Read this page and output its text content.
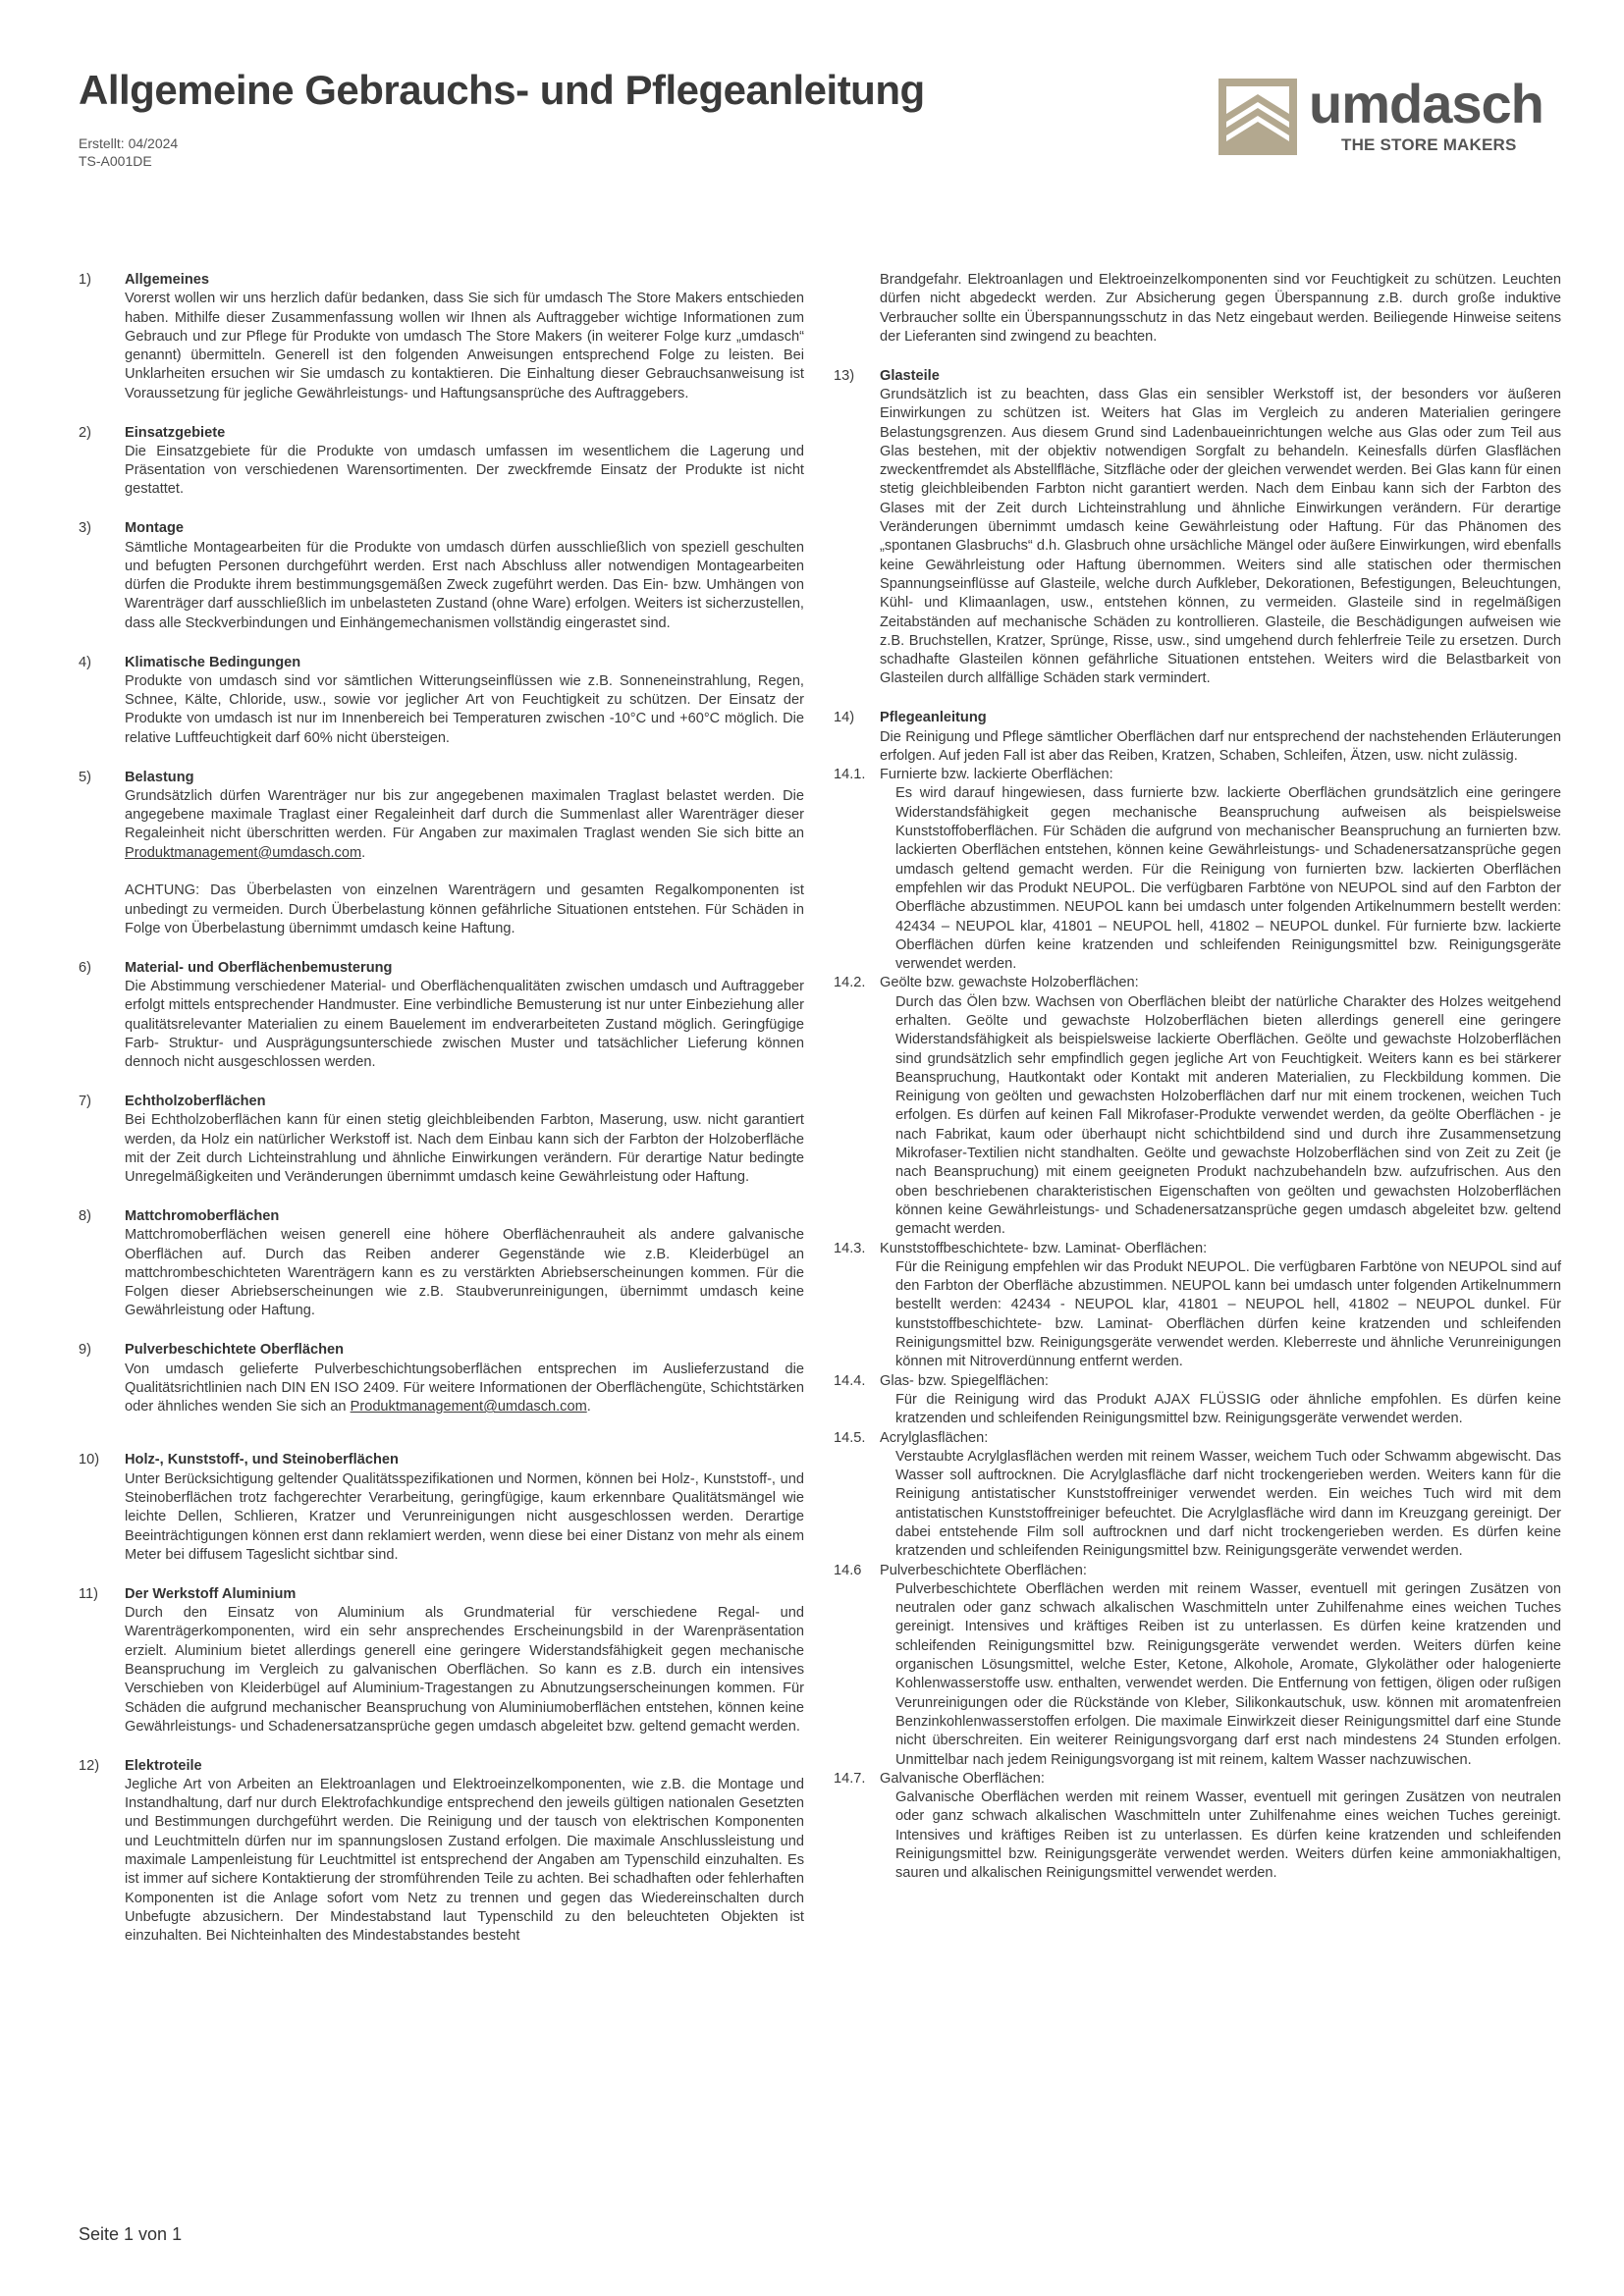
Allgemeine Gebrauchs- und Pflegeanleitung
Erstellt: 04/2024
TS-A001DE
umdasch
THE STORE MAKERS
1) Allgemeines

Vorerst wollen wir uns herzlich dafür bedanken, dass Sie sich für umdasch The Store Makers entschieden haben. Mithilfe dieser Zusammenfassung wollen wir Ihnen als Auftraggeber wichtige Informationen zum Gebrauch und zur Pflege für Produkte von umdasch The Store Makers (in weiterer Folge kurz „umdasch“ genannt) übermitteln. Generell ist den folgenden Anweisungen entsprechend Folge zu leisten. Bei Unklarheiten ersuchen wir Sie umdasch zu kontaktieren. Die Einhaltung dieser Gebrauchsanweisung ist Voraussetzung für jegliche Gewährleistungs- und Haftungsansprüche des Auftraggebers.

2) Einsatzgebiete

Die Einsatzgebiete für die Produkte von umdasch umfassen im wesentlichem die Lagerung und Präsentation von verschiedenen Warensortimenten. Der zweckfremde Einsatz der Produkte ist nicht gestattet.

3) Montage

Sämtliche Montagearbeiten für die Produkte von umdasch dürfen ausschließlich von speziell geschulten und befugten Personen durchgeführt werden. Erst nach Abschluss aller notwendigen Montagearbeiten dürfen die Produkte ihrem bestimmungsgemäßen Zweck zugeführt werden. Das Ein- bzw. Umhängen von Warenträger darf ausschließlich im unbelasteten Zustand (ohne Ware) erfolgen. Weiters ist sicherzustellen, dass alle Steckverbindungen und Einhängemechanismen vollständig eingerastet sind.

4) Klimatische Bedingungen

Produkte von umdasch sind vor sämtlichen Witterungseinflüssen wie z.B. Sonneneinstrahlung, Regen, Schnee, Kälte, Chloride, usw., sowie vor jeglicher Art von Feuchtigkeit zu schützen. Der Einsatz der Produkte von umdasch ist nur im Innenbereich bei Temperaturen zwischen -10°C und +60°C möglich. Die relative Luftfeuchtigkeit darf 60% nicht übersteigen.

5) Belastung

Grundsätzlich dürfen Warenträger nur bis zur angegebenen maximalen Traglast belastet werden. Die angegebene maximale Traglast einer Regaleinheit darf durch die Summenlast aller Warenträger dieser Regaleinheit nicht überschritten werden. Für Angaben zur maximalen Traglast wenden Sie sich bitte an Produktmanagement@umdasch.com.

ACHTUNG: Das Überbelasten von einzelnen Warenträgern und gesamten Regalkomponenten ist unbedingt zu vermeiden. Durch Überbelastung können gefährliche Situationen entstehen. Für Schäden in Folge von Überbelastung übernimmt umdasch keine Haftung.

6) Material- und Oberflächenbemusterung

Die Abstimmung verschiedener Material- und Oberflächenqualitäten zwischen umdasch und Auftraggeber erfolgt mittels entsprechender Handmuster. Eine verbindliche Bemusterung ist nur unter Einbeziehung aller qualitätsrelevanter Materialien zu einem Bauelement im endverarbeiteten Zustand möglich. Geringfügige Farb- Struktur- und Ausprägungsunterschiede zwischen Muster und tatsächlicher Lieferung können dennoch nicht ausgeschlossen werden.

7) Echtholzoberflächen

Bei Echtholzoberflächen kann für einen stetig gleichbleibenden Farbton, Maserung, usw. nicht garantiert werden, da Holz ein natürlicher Werkstoff ist. Nach dem Einbau kann sich der Farbton der Holzoberfläche mit der Zeit durch Lichteinstrahlung und ähnliche Einwirkungen verändern. Für derartige Natur bedingte Unregelmäßigkeiten und Veränderungen übernimmt umdasch keine Gewährleistung oder Haftung.

8) Mattchromoberflächen

Mattchromoberflächen weisen generell eine höhere Oberflächenrauheit als andere galvanische Oberflächen auf. Durch das Reiben anderer Gegenstände wie z.B. Kleiderbügel an mattchrombeschichteten Warenträgern kann es zu verstärkten Abriebserscheinungen kommen. Für die Folgen dieser Abriebserscheinungen wie z.B. Staubverunreinigungen, übernimmt umdasch keine Gewährleistung oder Haftung.

9) Pulverbeschichtete Oberflächen

Von umdasch gelieferte Pulverbeschichtungsoberflächen entsprechen im Auslieferzustand die Qualitätsrichtlinien nach DIN EN ISO 2409. Für weitere Informationen der Oberflächengüte, Schichtstärken oder ähnliches wenden Sie sich an Produktmanagement@umdasch.com.

10) Holz-, Kunststoff-, und Steinoberflächen

Unter Berücksichtigung geltender Qualitätsspezifikationen und Normen, können bei Holz-, Kunststoff-, und Steinoberflächen trotz fachgerechter Verarbeitung, geringfügige, kaum erkennbare Qualitätsmängel wie leichte Dellen, Schlieren, Kratzer und Verunreinigungen nicht ausgeschlossen werden. Derartige Beeinträchtigungen können erst dann reklamiert werden, wenn diese bei einer Distanz von mehr als einem Meter bei diffusem Tageslicht sichtbar sind.

11) Der Werkstoff Aluminium

Durch den Einsatz von Aluminium als Grundmaterial für verschiedene Regal- und Warenträgerkomponenten, wird ein sehr ansprechendes Erscheinungsbild in der Warenpräsentation erzielt. Aluminium bietet allerdings generell eine geringere Widerstandsfähigkeit gegen mechanische Beanspruchung im Vergleich zu galvanischen Oberflächen. So kann es z.B. durch ein intensives Verschieben von Kleiderbügel auf Aluminium-Tragestangen zu Abnutzungserscheinungen kommen. Für Schäden die aufgrund mechanischer Beanspruchung von Aluminiumoberflächen entstehen, können keine Gewährleistungs- und Schadenersatzansprüche gegen umdasch abgeleitet bzw. geltend gemacht werden.

12) Elektroteile

Jegliche Art von Arbeiten an Elektroanlagen und Elektroeinzelkomponenten, wie z.B. die Montage und Instandhaltung, darf nur durch Elektrofachkundige entsprechend den jeweils gültigen nationalen Gesetzten und Bestimmungen durchgeführt werden. Die Reinigung und der tausch von elektrischen Komponenten und Leuchtmitteln dürfen nur im spannungslosen Zustand erfolgen. Die maximale Anschlussleistung und maximale Lampenleistung für Leuchtmittel ist entsprechend der Angaben am Typenschild einzuhalten. Es ist immer auf sichere Kontaktierung der stromführenden Teile zu achten. Bei schadhaften oder fehlerhaften Komponenten ist die Anlage sofort vom Netz zu trennen und gegen das Wiedereinschalten durch Unbefugte abzusichern. Der Mindestabstand laut Typenschild zu den beleuchteten Objekten ist einzuhalten. Bei Nichteinhalten des Mindestabstandes besteht

Brandgefahr. Elektroanlagen und Elektroeinzelkomponenten sind vor Feuchtigkeit zu schützen. Leuchten dürfen nicht abgedeckt werden. Zur Absicherung gegen Überspannung z.B. durch große induktive Verbraucher sollte ein Überspannungsschutz in das Netz eingebaut werden. Beiliegende Hinweise seitens der Lieferanten sind zwingend zu beachten.

13) Glasteile

Grundsätzlich ist zu beachten, dass Glas ein sensibler Werkstoff ist, der besonders vor äußeren Einwirkungen zu schützen ist. Weiters hat Glas im Vergleich zu anderen Materialien geringere Belastungsgrenzen. Aus diesem Grund sind Ladenbaueinrichtungen welche aus Glas oder zum Teil aus Glas bestehen, mit der objektiv notwendigen Sorgfalt zu behandeln. Keinesfalls dürfen Glasflächen zweckentfremdet als Abstellfläche, Sitzfläche oder der gleichen verwendet werden. Bei Glas kann für einen stetig gleichbleibenden Farbton nicht garantiert werden. Nach dem Einbau kann sich der Farbton des Glases mit der Zeit durch Lichteinstrahlung und ähnliche Einwirkungen verändern. Für derartige Veränderungen übernimmt umdasch keine Gewährleistung oder Haftung. Für das Phänomen des „spontanen Glasbruchs“ d.h. Glasbruch ohne ursächliche Mängel oder äußere Einwirkungen, wird ebenfalls keine Gewährleistung oder Haftung übernommen. Weiters sind alle statischen oder thermischen Spannungseinflüsse auf Glasteile, welche durch Aufkleber, Dekorationen, Befestigungen, Beleuchtungen, Kühl- und Klimaanlagen, usw., entstehen können, zu vermeiden. Glasteile sind in regelmäßigen Zeitabständen auf mechanische Schäden zu kontrollieren. Glasteile, die Beschädigungen aufweisen wie z.B. Bruchstellen, Kratzer, Sprünge, Risse, usw., sind umgehend durch fehlerfreie Teile zu ersetzen. Durch schadhafte Glasteilen können gefährliche Situationen entstehen. Weiters wird die Belastbarkeit von Glasteilen durch allfällige Schäden stark vermindert.

14) Pflegeanleitung

Die Reinigung und Pflege sämtlicher Oberflächen darf nur entsprechend der nachstehenden Erläuterungen erfolgen. Auf jeden Fall ist aber das Reiben, Kratzen, Schaben, Schleifen, Ätzen, usw. nicht zulässig.

14.1. Furnierte bzw. lackierte Oberflächen:

Es wird darauf hingewiesen, dass furnierte bzw. lackierte Oberflächen grundsätzlich eine geringere Widerstandsfähigkeit gegen mechanische Beanspruchung aufweisen als beispielsweise Kunststoffoberflächen. Für Schäden die aufgrund von mechanischer Beanspruchung an furnierten bzw. lackierten Oberflächen entstehen, können keine Gewährleistungs- und Schadenersatzansprüche gegen umdasch geltend gemacht werden. Für die Reinigung von furnierten bzw. lackierten Oberflächen empfehlen wir das Produkt NEUPOL. Die verfügbaren Farbtöne von NEUPOL sind auf den Farbton der Oberfläche abzustimmen. NEUPOL kann bei umdasch unter folgenden Artikelnummern bestellt werden: 42434 – NEUPOL klar, 41801 – NEUPOL hell, 41802 – NEUPOL dunkel. Für furnierte bzw. lackierte Oberflächen dürfen keine kratzenden und schleifenden Reinigungsmittel bzw. Reinigungsgeräte verwendet werden.

14.2. Geölte bzw. gewachste Holzoberflächen:

Durch das Ölen bzw. Wachsen von Oberflächen bleibt der natürliche Charakter des Holzes weitgehend erhalten. Geölte und gewachste Holzoberflächen bieten allerdings generell eine geringere Widerstandsfähigkeit als beispielsweise lackierte Oberflächen. Geölte und gewachste Holzoberflächen sind grundsätzlich sehr empfindlich gegen jegliche Art von Feuchtigkeit. Weiters kann es bei stärkerer Beanspruchung, Hautkontakt oder Kontakt mit anderen Materialien, zu Fleckbildung kommen. Die Reinigung von geölten und gewachsten Holzoberflächen darf nur mit einem trockenen, weichen Tuch erfolgen. Es dürfen auf keinen Fall Mikrofaser-Produkte verwendet werden, da geölte Oberflächen - je nach Fabrikat, kaum oder überhaupt nicht schichtbildend sind und durch ihre Zusammensetzung Mikrofaser-Textilien nicht standhalten. Geölte und gewachste Holzoberflächen sind von Zeit zu Zeit (je nach Beanspruchung) mit einem geeigneten Produkt nachzubehandeln bzw. aufzufrischen. Aus den oben beschriebenen charakteristischen Eigenschaften von geölten und gewachsten Holzoberflächen können keine Gewährleistungs- und Schadenersatzansprüche gegen umdasch abgeleitet bzw. geltend gemacht werden.

14.3. Kunststoffbeschichtete- bzw. Laminat- Oberflächen:

Für die Reinigung empfehlen wir das Produkt NEUPOL. Die verfügbaren Farbtöne von NEUPOL sind auf den Farbton der Oberfläche abzustimmen. NEUPOL kann bei umdasch unter folgenden Artikelnummern bestellt werden: 42434 - NEUPOL klar, 41801 – NEUPOL hell, 41802 – NEUPOL dunkel. Für kunststoffbeschichtete- bzw. Laminat- Oberflächen dürfen keine kratzenden und schleifenden Reinigungsmittel bzw. Reinigungsgeräte verwendet werden. Kleberreste und ähnliche Verunreinigungen können mit Nitroverdünnung entfernt werden.

14.4. Glas- bzw. Spiegelflächen:

Für die Reinigung wird das Produkt AJAX FLÜSSIG oder ähnliche empfohlen. Es dürfen keine kratzenden und schleifenden Reinigungsmittel bzw. Reinigungsgeräte verwendet werden.

14.5. Acrylglasflächen:

Verstaubte Acrylglasflächen werden mit reinem Wasser, weichem Tuch oder Schwamm abgewischt. Das Wasser soll auftrocknen. Die Acrylglasfläche darf nicht trockengerieben werden. Weiters kann für die Reinigung antistatischer Kunststoffreiniger verwendet werden. Ein weiches Tuch wird mit dem antistatischen Kunststoffreiniger befeuchtet. Die Acrylglasfläche wird dann im Kreuzgang gereinigt. Der dabei entstehende Film soll auftrocknen und darf nicht trockengerieben werden. Es dürfen keine kratzenden und schleifenden Reinigungsmittel bzw. Reinigungsgeräte verwendet werden.

14.6 Pulverbeschichtete Oberflächen:

Pulverbeschichtete Oberflächen werden mit reinem Wasser, eventuell mit geringen Zusätzen von neutralen oder ganz schwach alkalischen Waschmitteln unter Zuhilfenahme eines weichen Tuches gereinigt. Intensives und kräftiges Reiben ist zu unterlassen. Es dürfen keine kratzenden und schleifenden Reinigungsmittel bzw. Reinigungsgeräte verwendet werden. Weiters dürfen keine organischen Lösungsmittel, welche Ester, Ketone, Alkohole, Aromate, Glykoläther oder halogenierte Kohlenwasserstoffe usw. enthalten, verwendet werden. Die Entfernung von fettigen, öligen oder rußigen Verunreinigungen oder die Rückstände von Kleber, Silikonkautschuk, usw. können mit aromatenfreien Benzinkohlenwasserstoffen erfolgen. Die maximale Einwirkzeit dieser Reinigungsmittel darf eine Stunde nicht überschreiten. Ein weiterer Reinigungsvorgang darf erst nach mindestens 24 Stunden erfolgen. Unmittelbar nach jedem Reinigungsvorgang ist mit reinem, kaltem Wasser nachzuwischen.

14.7. Galvanische Oberflächen:

Galvanische Oberflächen werden mit reinem Wasser, eventuell mit geringen Zusätzen von neutralen oder ganz schwach alkalischen Waschmitteln unter Zuhilfenahme eines weichen Tuches gereinigt. Intensives und kräftiges Reiben ist zu unterlassen. Es dürfen keine kratzenden und schleifenden Reinigungsmittel bzw. Reinigungsgeräte verwendet werden. Weiters dürfen keine ammoniakhaltigen, sauren und alkalischen Reinigungsmittel verwendet werden.

Seite 1 von 1
